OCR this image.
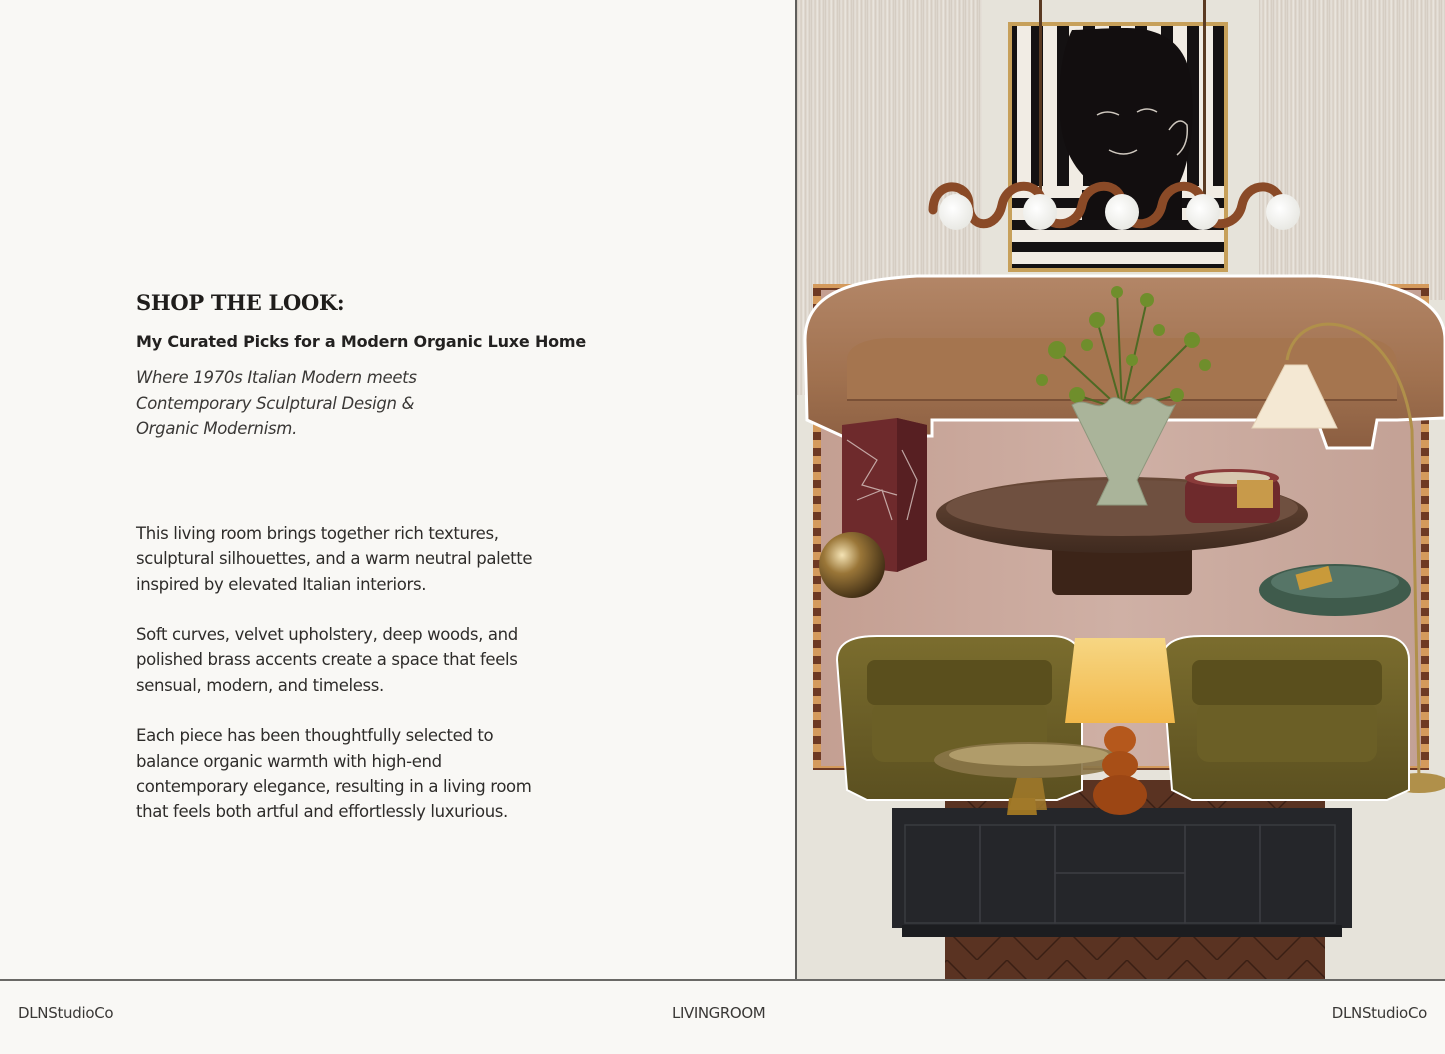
SHOP THE LOOK:
My Curated Picks for a Modern Organic Luxe Home
Where 1970s Italian Modern meets
Contemporary Sculptural Design &
Organic Modernism.

This living room brings together rich textures,
sculptural silhouettes, and a warm neutral palette
inspired by elevated Italian interiors.

Soft curves, velvet upholstery, deep woods, and
polished brass accents create a space that feels
sensual, modern, and timeless.

Each piece has been thoughtfully selected to
balance organic warmth with high-end
contemporary elegance, resulting in a living room
that feels both artful and effortlessly luxurious.

DLNStudioCo	LIVINGROOM	DLNStudioCo
